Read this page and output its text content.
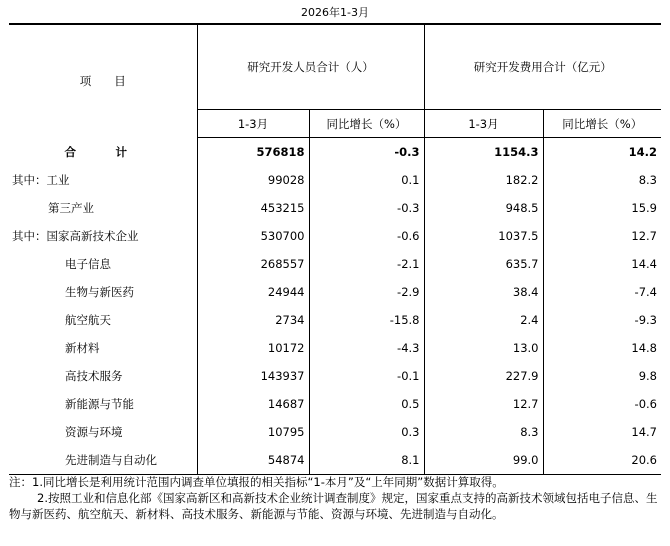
2026年1-3月
项　　目	研究开发人员合计（人）		研究开发费用合计（亿元）	
	1-3月	同比增长（%）	1-3月	同比增长（%）
合　计	576818	-0.3	1154.3	14.2
其中：工业	99028	0.1	182.2	8.3
第三产业	453215	-0.3	948.5	15.9
其中：国家高新技术企业	530700	-0.6	1037.5	12.7
电子信息	268557	-2.1	635.7	14.4
生物与新医药	24944	-2.9	38.4	-7.4
航空航天	2734	-15.8	2.4	-9.3
新材料	10172	-4.3	13.0	14.8
高技术服务	143937	-0.1	227.9	9.8
新能源与节能	14687	0.5	12.7	-0.6
资源与环境	10795	0.3	8.3	14.7
先进制造与自动化	54874	8.1	99.0	20.6

注：1.同比增长是利用统计范围内调查单位填报的相关指标“1-本月”及“上年同期”数据计算取得。

2.按照工业和信息化部《国家高新区和高新技术企业统计调查制度》规定，国家重点支持的高新技术领域包括电子信息、生物与新医药、航空航天、新材料、高技术服务、新能源与节能、资源与环境、先进制造与自动化。
